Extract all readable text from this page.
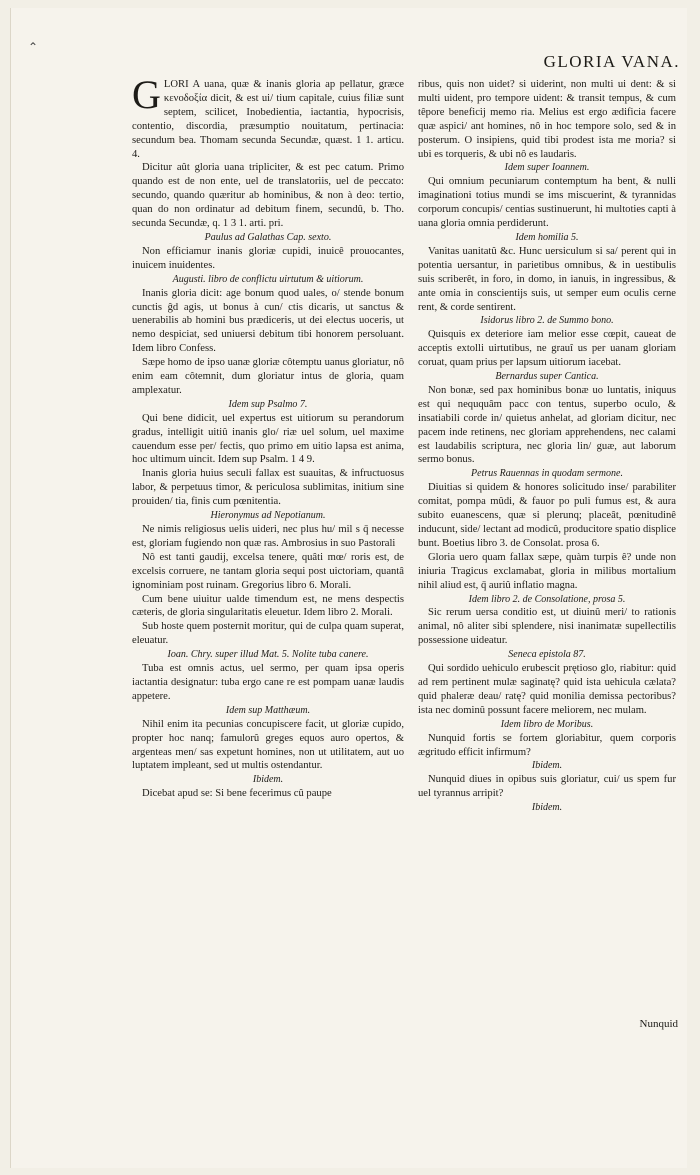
⌃
GLORIA VANA.

GLORI A uana, quæ & inanis gloria ap pellatur, græce κενοδοξία dicit, & est ui/ tium capitale, cuius filiæ sunt septem, scilicet, Inobedientia, iactantia, hypocrisis, contentio, discordia, præsumptio nouitatum, pertinacia: secundum bea. Thomam secunda Secundæ, quæst. 1 1. articu. 4.

Dicitur aût gloria uana tripliciter, & est pec catum. Primo quando est de non ente, uel de translatoriis, uel de peccato: secundo, quando quæritur ab hominibus, & non à deo: tertio, quan do non ordinatur ad debitum finem, secundû, b. Tho. secunda Secundæ, q. 1 3 1. arti. pri.

Paulus ad Galathas Cap. sexto.

Non efficiamur inanis gloriæ cupidi, inuicê prouocantes, inuicem inuidentes.

Augusti. libro de conflictu uirtutum & uitiorum.

Inanis gloria dicit: age bonum quod uales, o/ stende bonum cunctis ĝd agis, ut bonus à cun/ ctis dicaris, ut sanctus & uenerabilis ab homini bus prædiceris, ut dei electus uoceris, ut nemo despiciat, sed uniuersi debitum tibi honorem persoluant. Idem libro Confess.

Sæpe homo de ipso uanæ gloriæ côtemptu uanus gloriatur, nô enim eam côtemnit, dum gloriatur intus de gloria, quam amplexatur.

Idem sup Psalmo 7.

Qui bene didicit, uel expertus est uitiorum su perandorum gradus, intelligit uitiû inanis glo/ riæ uel solum, uel maxime cauendum esse per/ fectis, quo primo em uitio lapsa est anima, hoc ultimum uincit. Idem sup Psalm. 1 4 9.

Inanis gloria huius seculi fallax est suauitas, & infructuosus labor, & perpetuus timor, & periculosa sublimitas, initium sine prouiden/ tia, finis cum pœnitentia.

Hieronymus ad Nepotianum.

Ne nimis religiosus uelis uideri, nec plus hu/ mil s q̄ necesse est, gloriam fugiendo non quæ ras. Ambrosius in suo Pastorali

Nô est tanti gaudij, excelsa tenere, quâti mœ/ roris est, de excelsis corruere, ne tantam gloria sequi post uictoriam, quantâ ignominiam post ruinam. Gregorius libro 6. Morali.

Cum bene uiuitur ualde timendum est, ne mens despectis cæteris, de gloria singularitatis eleuetur. Idem libro 2. Morali.

Sub hoste quem posternit moritur, qui de culpa quam superat, eleuatur.

Ioan. Chry. super illud Mat. 5. Nolite tuba canere.

Tuba est omnis actus, uel sermo, per quam ipsa operis iactantia designatur: tuba ergo cane re est pompam uanæ laudis appetere.

Idem sup Matthæum.

Nihil enim ita pecunias concupiscere facit, ut gloriæ cupido, propter hoc nanq; famulorû greges equos auro opertos, & argenteas men/ sas expetunt homines, non ut utilitatem, aut uo luptatem impleant, sed ut multis ostendantur.

Ibidem.

Dicebat apud se: Si bene fecerimus cû paupe

ribus, quis non uidet? si uiderint, non multi ui dent: & si multi uident, pro tempore uident: & transit tempus, & cum têpore beneficij memo ria. Melius est ergo ædificia facere quæ aspici/ ant homines, nô in hoc tempore solo, sed & in posterum. O insipiens, quid tibi prodest ista me moria? si ubi es torqueris, & ubi nô es laudaris.

Idem super Ioannem.

Qui omnium pecuniarum contemptum ha bent, & nulli imaginationi totius mundi se ims miscuerint, & tyrannidas corporum concupis/ centias sustinuerunt, hi multoties capti à uana gloria omnia perdiderunt.

Idem homilia 5.

Vanitas uanitatû &c. Hunc uersiculum si sa/ perent qui in potentia uersantur, in parietibus omnibus, & in uestibulis suis scriberêt, in foro, in domo, in ianuis, in ingressibus, & ante omia in conscientijs suis, ut semper eum oculis cerne rent, & corde sentirent.

Isidorus libro 2. de Summo bono.

Quisquis ex deteriore iam melior esse cœpit, caueat de acceptis extolli uirtutibus, ne grauî us per uanam gloriam coruat, quam prius per lapsum uitiorum iacebat.

Bernardus super Cantica.

Non bonæ, sed pax hominibus bonæ uo luntatis, iniquus est qui neququâm pacc con tentus, superbo oculo, & insatiabili corde in/ quietus anhelat, ad gloriam dicitur, nec pacem inde retinens, nec gloriam apprehendens, nec calami est laudabilis scriptura, nec gloria lin/ guæ, aut laborum sermo bonus.

Petrus Rauennas in quodam sermone.

Diuitias si quidem & honores solicitudo inse/ parabiliter comitat, pompa mûdi, & fauor po puli fumus est, & aura subito euanescens, quæ si plerunq; placeât, pœnitudinê inducunt, side/ lectant ad modicû, producitore spatio displice bunt. Boetius libro 3. de Consolat. prosa 6.

Gloria uero quam fallax sæpe, quàm turpis ê? unde non iniuria Tragicus exclamabat, gloria in milibus mortalium nihil aliud est, q̄ auriû inflatio magna.

Idem libro 2. de Consolatione, prosa 5.

Sic rerum uersa conditio est, ut diuinû meri/ to rationis animal, nô aliter sibi splendere, nisi inanimatæ supellectilis possessione uideatur.

Seneca epistola 87.

Qui sordido uehiculo erubescit prętioso glo, riabitur: quid ad rem pertinent mulæ saginatę? quid ista uehicula cælata? quid phaleræ deau/ ratę? quid monilia demissa pectoribus? ista nec dominû possunt facere meliorem, nec mulam.

Idem libro de Moribus.

Nunquid fortis se fortem gloriabitur, quem corporis ægritudo efficit infirmum?

Ibidem.

Nunquid diues in opibus suis gloriatur, cui/ us spem fur uel tyrannus arripit?

Ibidem.

Nunquid
